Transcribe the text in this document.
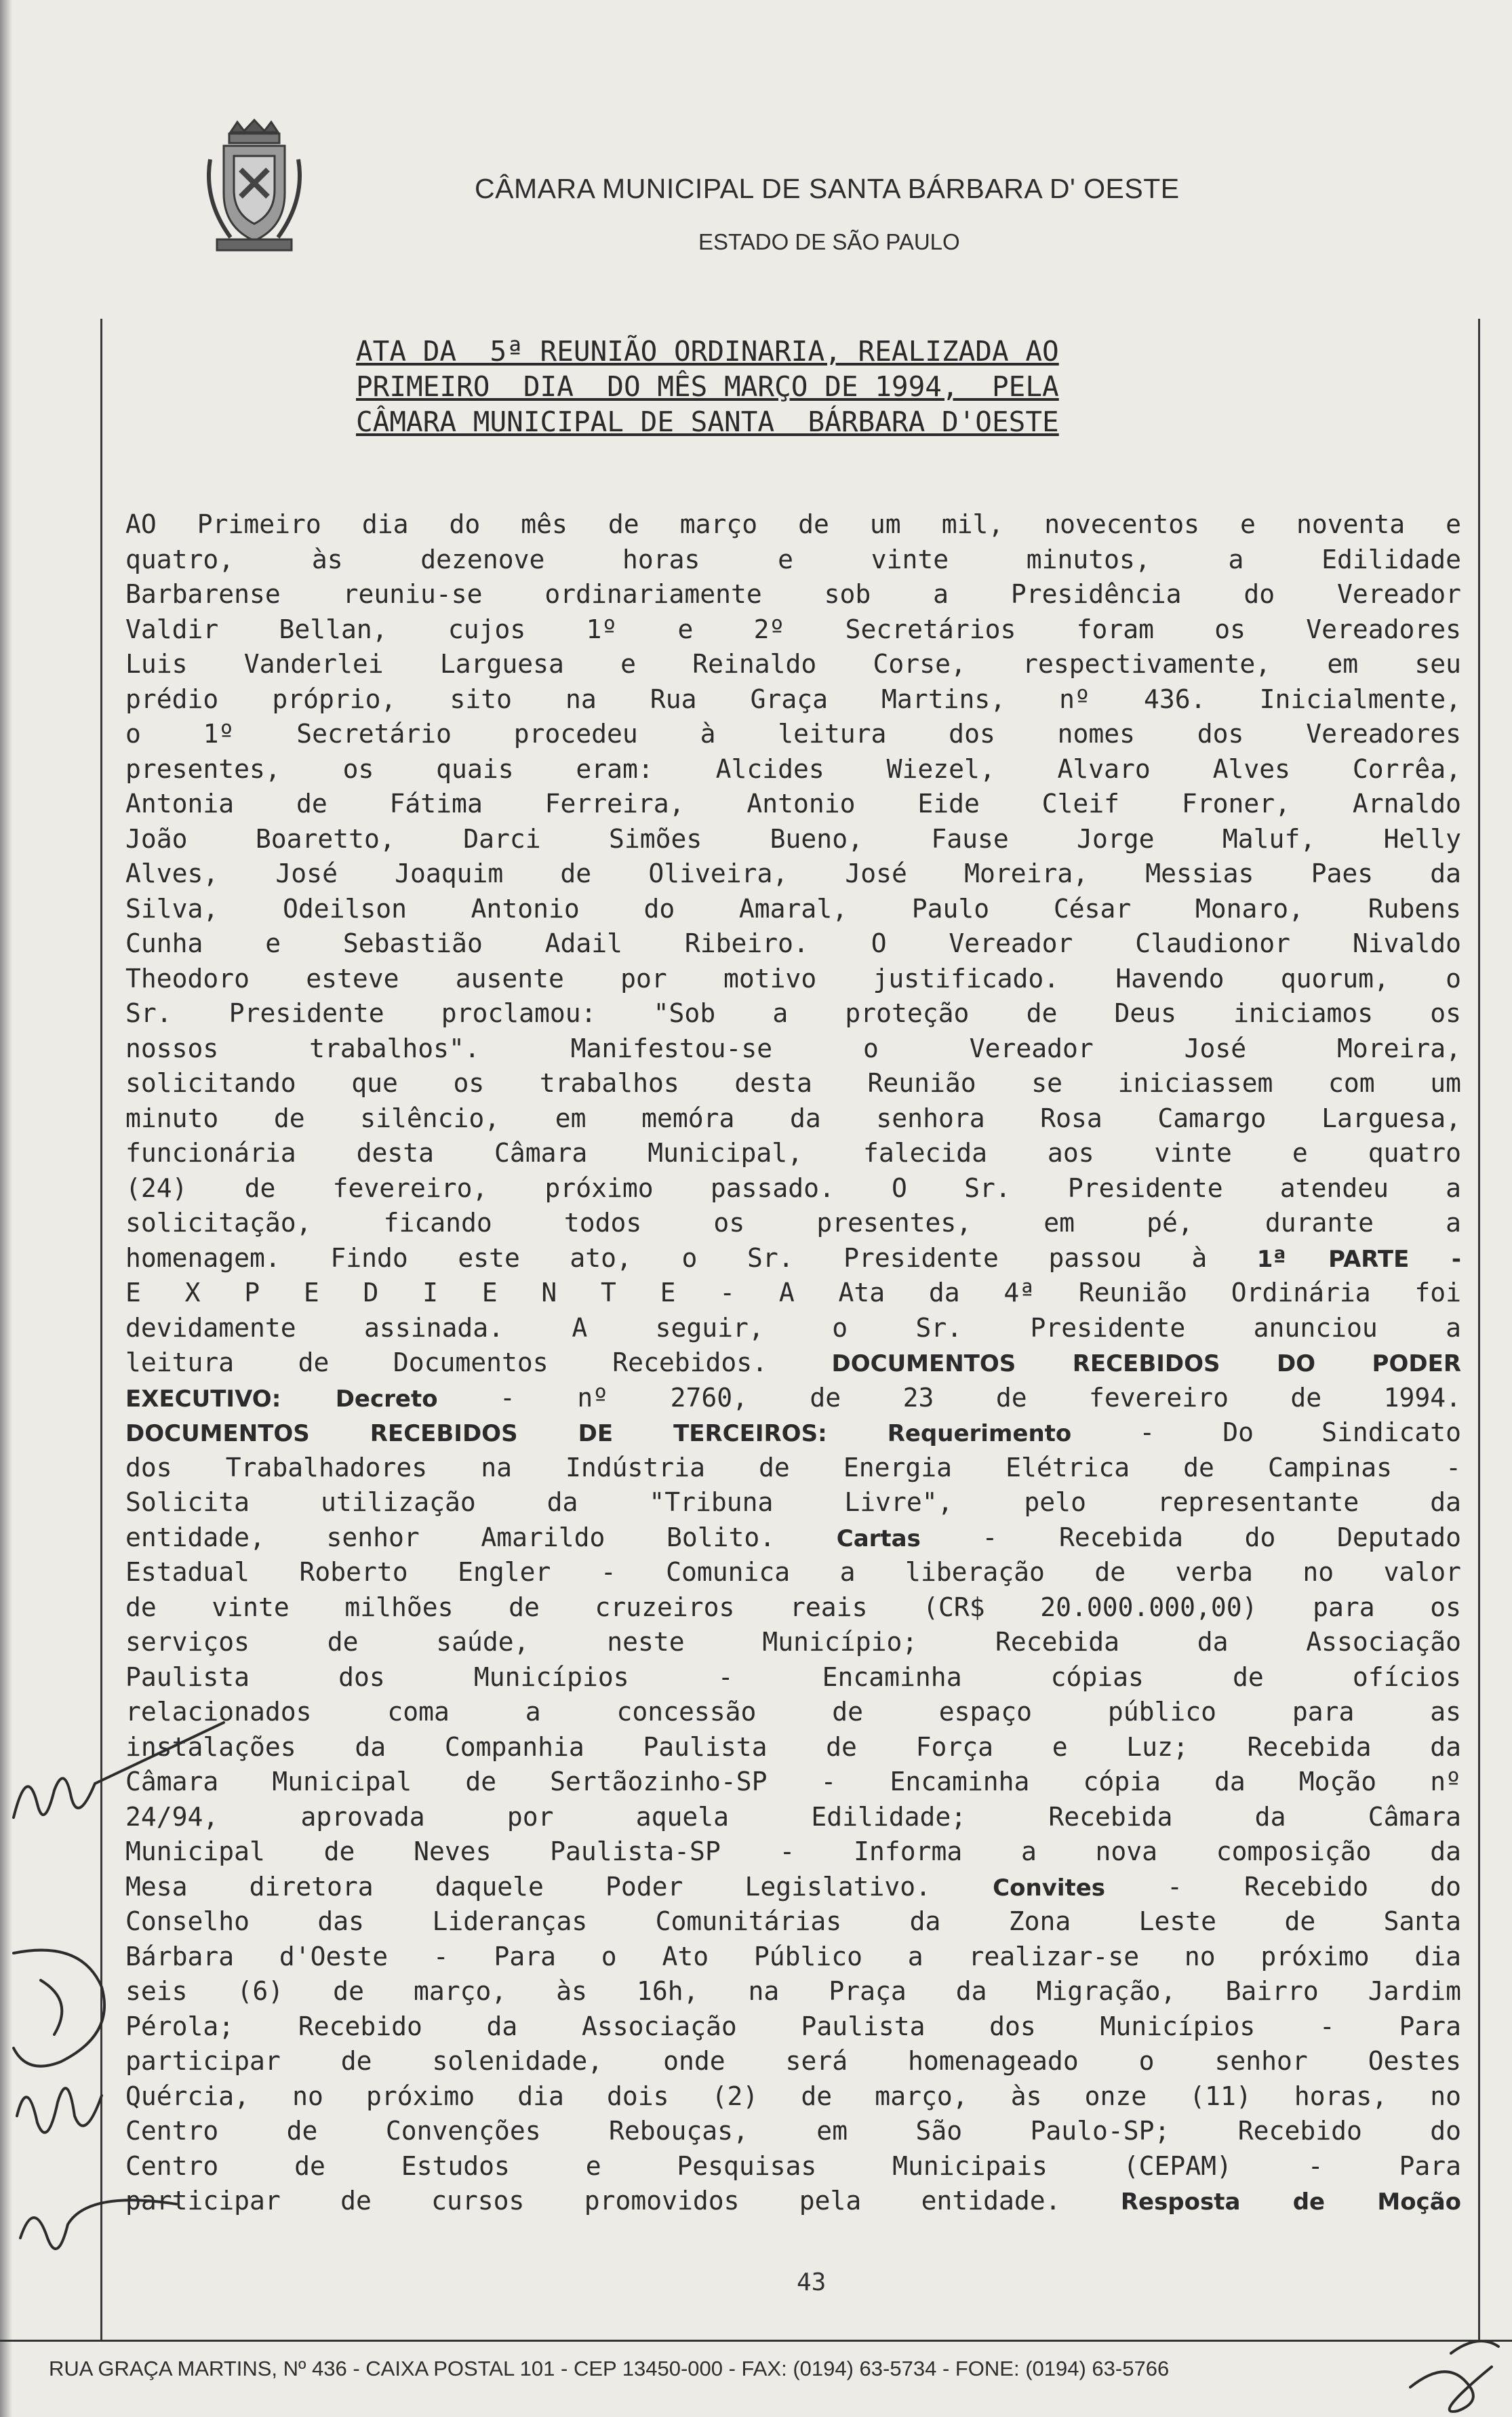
CÂMARA MUNICIPAL DE SANTA BÁRBARA D' OESTE
ESTADO DE SÃO PAULO
ATA DA  5ª REUNIÃO ORDINARIA, REALIZADA AO
PRIMEIRO  DIA  DO MÊS MARÇO DE 1994,  PELA
CÂMARA MUNICIPAL DE SANTA  BÁRBARA D'OESTE
AO Primeiro dia do mês de março de um mil, novecentos e noventa e
quatro, às dezenove horas e vinte minutos, a Edilidade
Barbarense reuniu-se ordinariamente sob a Presidência do Vereador
Valdir Bellan, cujos 1º e 2º Secretários foram os Vereadores
Luis Vanderlei Larguesa e Reinaldo Corse, respectivamente, em seu
prédio próprio, sito na Rua Graça Martins, nº 436. Inicialmente,
o 1º Secretário procedeu à leitura dos nomes dos Vereadores
presentes, os quais eram: Alcides Wiezel, Alvaro Alves Corrêa,
Antonia de Fátima Ferreira, Antonio Eide Cleif Froner, Arnaldo
João Boaretto, Darci Simões Bueno, Fause Jorge Maluf, Helly
Alves, José Joaquim de Oliveira, José Moreira, Messias Paes da
Silva, Odeilson Antonio do Amaral, Paulo César Monaro, Rubens
Cunha e Sebastião Adail Ribeiro. O Vereador Claudionor Nivaldo
Theodoro esteve ausente por motivo justificado. Havendo quorum, o
Sr. Presidente proclamou: "Sob a proteção de Deus iniciamos os
nossos trabalhos". Manifestou-se o Vereador José Moreira,
solicitando que os trabalhos desta Reunião se iniciassem com um
minuto de silêncio, em memóra da senhora Rosa Camargo Larguesa,
funcionária desta Câmara Municipal, falecida aos vinte e quatro
(24) de fevereiro, próximo passado. O Sr. Presidente atendeu a
solicitação, ficando todos os presentes, em pé, durante a
homenagem. Findo este ato, o Sr. Presidente passou à 1ª PARTE -
E X P E D I E N T E - A Ata da 4ª Reunião Ordinária foi
devidamente assinada. A seguir, o Sr. Presidente anunciou a
leitura de Documentos Recebidos. DOCUMENTOS RECEBIDOS DO PODER
EXECUTIVO: Decreto - nº 2760, de 23 de fevereiro de 1994.
DOCUMENTOS RECEBIDOS DE TERCEIROS: Requerimento - Do Sindicato
dos Trabalhadores na Indústria de Energia Elétrica de Campinas -
Solicita utilização da "Tribuna Livre", pelo representante da
entidade, senhor Amarildo Bolito. Cartas - Recebida do Deputado
Estadual Roberto Engler - Comunica a liberação de verba no valor
de vinte milhões de cruzeiros reais (CR$ 20.000.000,00) para os
serviços de saúde, neste Município; Recebida da Associação
Paulista dos Municípios - Encaminha cópias de ofícios
relacionados coma a concessão de espaço público para as
instalações da Companhia Paulista de Força e Luz; Recebida da
Câmara Municipal de Sertãozinho-SP - Encaminha cópia da Moção nº
24/94, aprovada por aquela Edilidade; Recebida da Câmara
Municipal de Neves Paulista-SP - Informa a nova composição da
Mesa diretora daquele Poder Legislativo. Convites - Recebido do
Conselho das Lideranças Comunitárias da Zona Leste de Santa
Bárbara d'Oeste - Para o Ato Público a realizar-se no próximo dia
seis (6) de março, às 16h, na Praça da Migração, Bairro Jardim
Pérola; Recebido da Associação Paulista dos Municípios - Para
participar de solenidade, onde será homenageado o senhor Oestes
Quércia, no próximo dia dois (2) de março, às onze (11) horas, no
Centro de Convenções Rebouças, em São Paulo-SP; Recebido do
Centro de Estudos e Pesquisas Municipais (CEPAM) - Para
participar de cursos promovidos pela entidade. Resposta de Moção
43
RUA GRAÇA MARTINS, Nº 436 - CAIXA POSTAL 101 - CEP 13450-000 - FAX: (0194) 63-5734 - FONE: (0194) 63-5766
